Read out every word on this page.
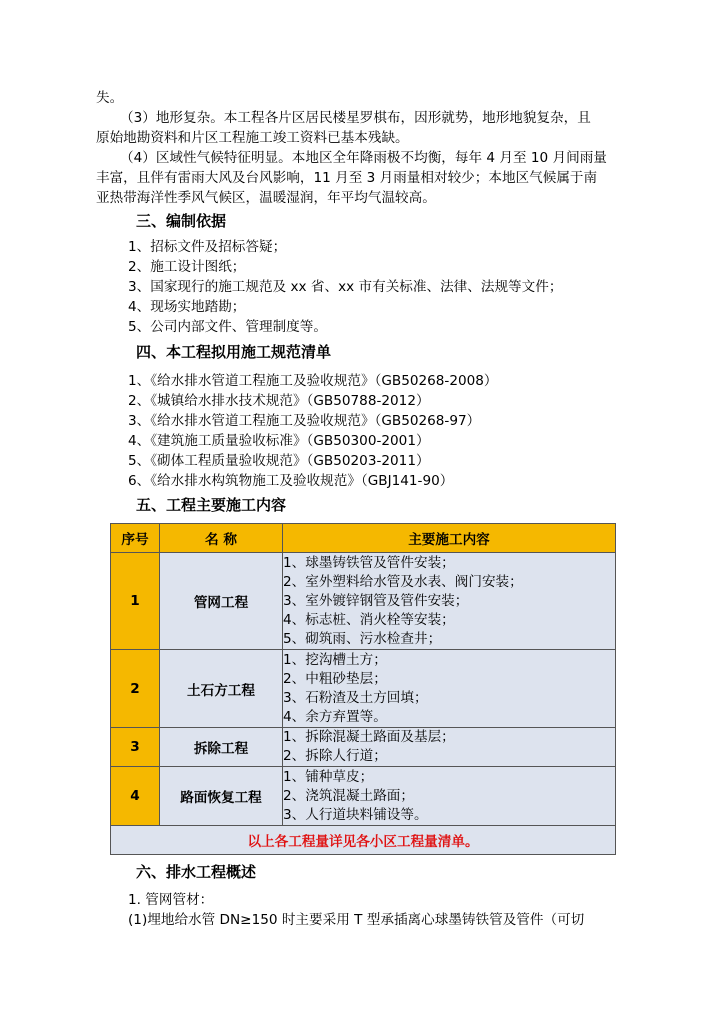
失。
（3）地形复杂。本工程各片区居民楼星罗棋布，因形就势，地形地貌复杂，且
原始地勘资料和片区工程施工竣工资料已基本残缺。
（4）区域性气候特征明显。本地区全年降雨极不均衡，每年 4 月至 10 月间雨量
丰富，且伴有雷雨大风及台风影响，11 月至 3 月雨量相对较少；本地区气候属于南
亚热带海洋性季风气候区，温暖湿润，年平均气温较高。
三、编制依据
1、招标文件及招标答疑；
2、施工设计图纸；
3、国家现行的施工规范及 xx 省、xx 市有关标准、法律、法规等文件；
4、现场实地踏勘；
5、公司内部文件、管理制度等。
四、本工程拟用施工规范清单
1、《给水排水管道工程施工及验收规范》（GB50268-2008）
2、《城镇给水排水技术规范》（GB50788-2012）
3、《给水排水管道工程施工及验收规范》（GB50268-97）
4、《建筑施工质量验收标准》（GB50300-2001）
5、《砌体工程质量验收规范》（GB50203-2011）
6、《给水排水构筑物施工及验收规范》（GBJ141-90）
五、工程主要施工内容
序号	名 称	主要施工内容
1	管网工程	1、球墨铸铁管及管件安装；
2、室外塑料给水管及水表、阀门安装；
3、室外镀锌钢管及管件安装；
4、标志桩、消火栓等安装；
5、砌筑雨、污水检查井；

2	土石方工程	1、挖沟槽土方；
2、中粗砂垫层；
3、石粉渣及土方回填；
4、余方弃置等。

3	拆除工程	1、拆除混凝土路面及基层；
2、拆除人行道；

4	路面恢复工程	1、铺种草皮；
2、浇筑混凝土路面；
3、人行道块料铺设等。

以上各工程量详见各小区工程量清单。		
六、排水工程概述
1. 管网管材：
(1)埋地给水管 DN≥150 时主要采用 T 型承插离心球墨铸铁管及管件（可切
